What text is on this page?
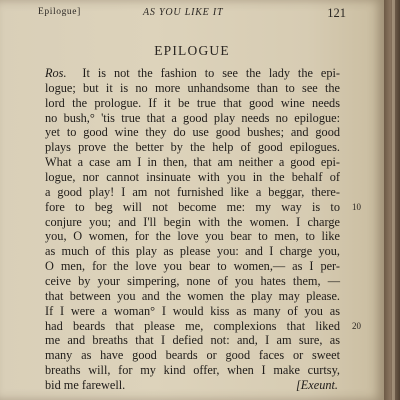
Epilogue]	AS YOU LIKE IT	121
EPILOGUE
Ros. It is not the fashion to see the lady the epi-
logue; but it is no more unhandsome than to see the
lord the prologue. If it be true that good wine needs
no bush,° 'tis true that a good play needs no epilogue:
yet to good wine they do use good bushes; and good
plays prove the better by the help of good epilogues.
What a case am I in then, that am neither a good epi-
logue, nor cannot insinuate with you in the behalf of
a good play! I am not furnished like a beggar, there-
fore to beg will not become me: my way is to
conjure you; and I'll begin with the women. I charge
you, O women, for the love you bear to men, to like
as much of this play as please you: and I charge you,
O men, for the love you bear to women,— as I per-
ceive by your simpering, none of you hates them, —
that between you and the women the play may please.
If I were a woman° I would kiss as many of you as
had beards that please me, complexions that liked
me and breaths that I defied not: and, I am sure, as
many as have good beards or good faces or sweet
breaths will, for my kind offer, when I make curtsy,
bid me farewell.
10
20
[Exeunt.
